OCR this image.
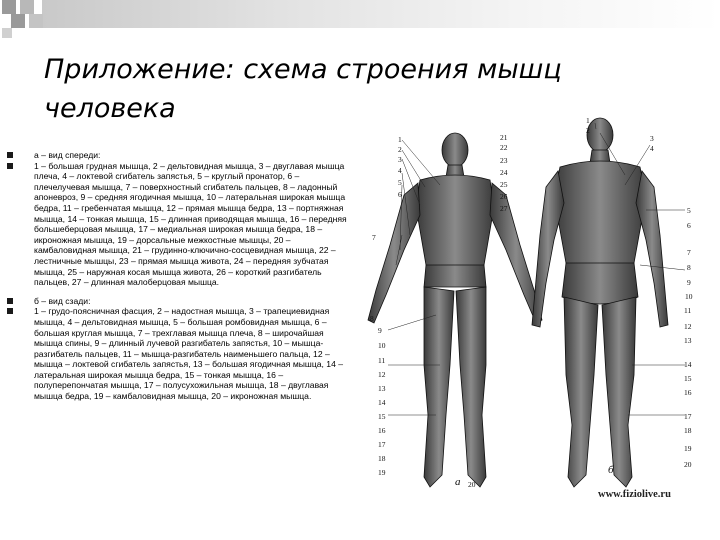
Приложение: схема строения мышц человека
а – вид спереди:
1 – большая грудная мышца, 2 – дельтовидная мышца, 3 – двуглавая мышца плеча, 4 – локтевой сгибатель запястья, 5 – круглый пронатор, 6 – плечелучевая мышца, 7 – поверхностный сгибатель пальцев, 8 – ладонный апоневроз, 9 – средняя ягодичная мышца, 10 – латеральная широкая мышца бедра, 11 – гребенчатая мышца, 12 – прямая мышца бедра, 13 – портняжная мышца, 14 – тонкая мышца, 15 – длинная приводящая мышца, 16 – передняя большеберцовая мышца, 17 – медиальная широкая мышца бедра, 18 – икроножная мышца, 19 – дорсальные межкостные мышцы, 20 – камбаловидная мышца, 21 – грудинно-ключично-сосцевидная мышца, 22 – лестничные мышцы, 23 – прямая мышца живота, 24 – передняя зубчатая мышца, 25 – наружная косая мышца живота, 26 – короткий разгибатель пальцев, 27 – длинная малоберцовая мышца.
б – вид сзади:
1 – грудо-поясничная фасция, 2 – надостная мышца, 3 – трапециевидная мышца, 4 – дельтовидная мышца, 5 – большая ромбовидная мышца, 6 – большая круглая мышца, 7 – трехглавая мышца плеча, 8 – широчайшая мышца спины, 9 – длинный лучевой разгибатель запястья, 10 – мышца-разгибатель пальцев, 11 – мышца-разгибатель наименьшего пальца, 12 – мышца – локтевой сгибатель запястья, 13 – большая ягодичная мышца, 14 – латеральная широкая мышца бедра, 15 – тонкая мышца, 16 – полуперепончатая мышца, 17 – полусухожильная мышца, 18 – двуглавая мышца бедра, 19 – камбаловидная мышца, 20 – икроножная мышца.
1
2
3
4
5
6
7
8
9
10
11
12
13
14
15
16
17
18
19
21
22
23
24
25
26
27
20
1
2
3
4
5
6
7
8
9
10
11
12
13
14
15
16
17
18
19
20
а
б
www.fiziolive.ru
